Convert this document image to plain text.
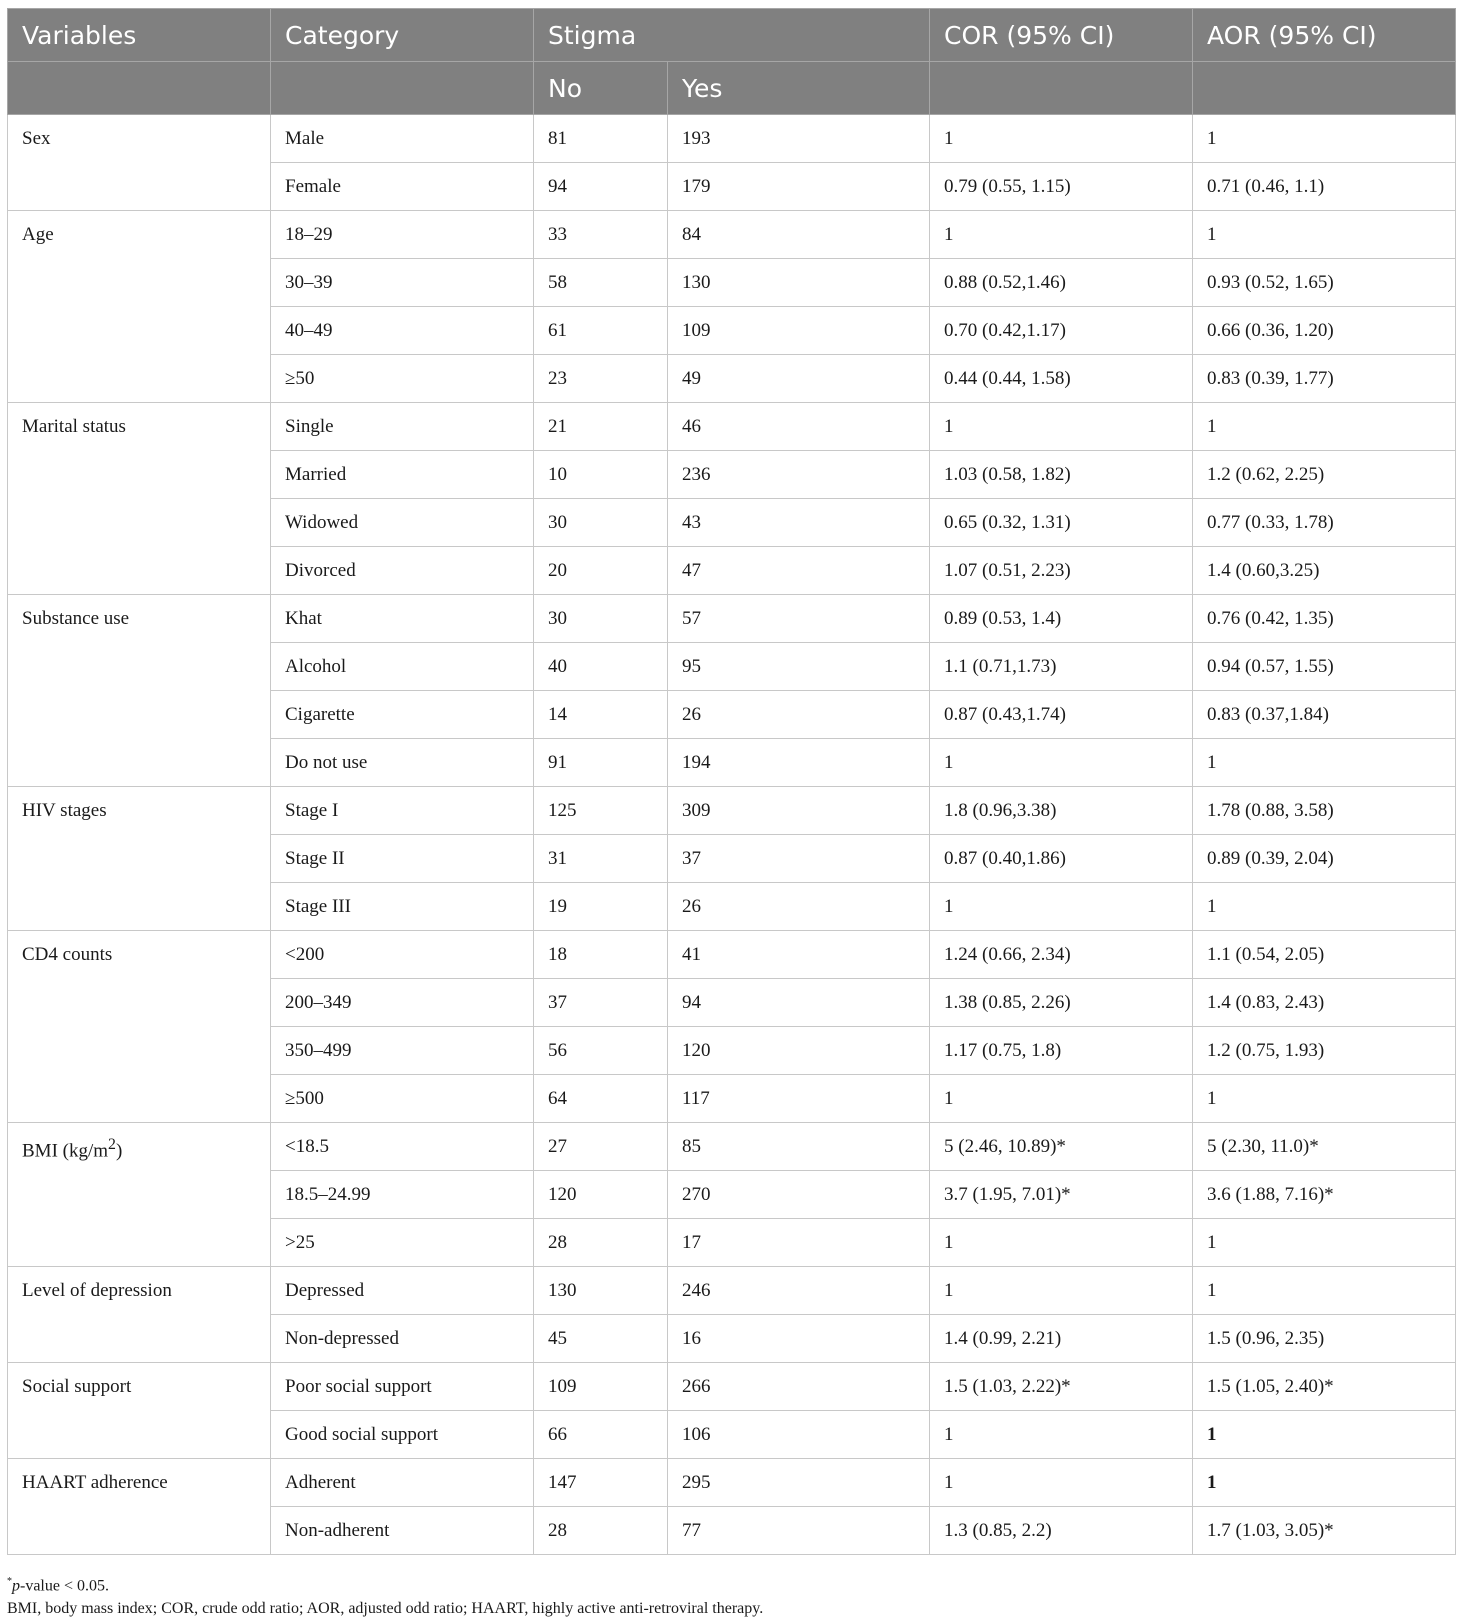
Variables	Category	Stigma		COR (95% CI)	AOR (95% CI)
		No	Yes		
Sex	Male	81	193	1	1
	Female	94	179	0.79 (0.55, 1.15)	0.71 (0.46, 1.1)
Age	18–29	33	84	1	1
	30–39	58	130	0.88 (0.52,1.46)	0.93 (0.52, 1.65)
	40–49	61	109	0.70 (0.42,1.17)	0.66 (0.36, 1.20)
	≥50	23	49	0.44 (0.44, 1.58)	0.83 (0.39, 1.77)
Marital status	Single	21	46	1	1
	Married	10	236	1.03 (0.58, 1.82)	1.2 (0.62, 2.25)
	Widowed	30	43	0.65 (0.32, 1.31)	0.77 (0.33, 1.78)
	Divorced	20	47	1.07 (0.51, 2.23)	1.4 (0.60,3.25)
Substance use	Khat	30	57	0.89 (0.53, 1.4)	0.76 (0.42, 1.35)
	Alcohol	40	95	1.1 (0.71,1.73)	0.94 (0.57, 1.55)
	Cigarette	14	26	0.87 (0.43,1.74)	0.83 (0.37,1.84)
	Do not use	91	194	1	1
HIV stages	Stage I	125	309	1.8 (0.96,3.38)	1.78 (0.88, 3.58)
	Stage II	31	37	0.87 (0.40,1.86)	0.89 (0.39, 2.04)
	Stage III	19	26	1	1
CD4 counts	<200	18	41	1.24 (0.66, 2.34)	1.1 (0.54, 2.05)
	200–349	37	94	1.38 (0.85, 2.26)	1.4 (0.83, 2.43)
	350–499	56	120	1.17 (0.75, 1.8)	1.2 (0.75, 1.93)
	≥500	64	117	1	1
BMI $(kg/m^2)$	<18.5	27	85	5 (2.46, 10.89)*	5 (2.30, 11.0)*
	18.5–24.99	120	270	3.7 (1.95, 7.01)*	3.6 (1.88, 7.16)*
	>25	28	17	1	1
Level of depression	Depressed	130	246	1	1
	Non-depressed	45	16	1.4 (0.99, 2.21)	1.5 (0.96, 2.35)
Social support	Poor social support	109	266	1.5 (1.03, 2.22)*	1.5 (1.05, 2.40)*
	Good social support	66	106	1	1
HAART adherence	Adherent	147	295	1	1
	Non-adherent	28	77	1.3 (0.85, 2.2)	1.7 (1.03, 3.05)*
*p-value < 0.05.
BMI, body mass index; COR, crude odd ratio; AOR, adjusted odd ratio; HAART, highly active anti-retroviral therapy.
